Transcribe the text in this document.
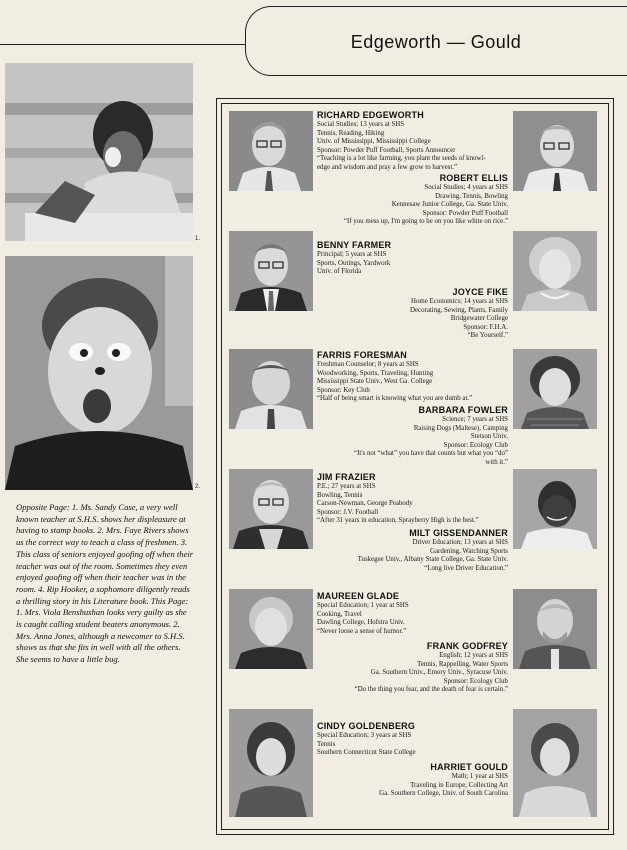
Edgeworth — Gould
1.
2.
Opposite Page: 1. Ms. Sandy Case, a very well known teacher at S.H.S. shows her displeasure at having to stamp books. 2. Mrs. Faye Rivers shows us the correct way to teach a class of freshmen. 3. This class of seniors enjoyed goofing off when their teacher was out of the room. Sometimes they even enjoyed goofing off when their teacher was in the room. 4. Rip Hooker, a sophomore diligently reads a thrilling story in his Literature book. This Page: 1. Mrs. Viola Benshushan looks very guilty as she is caught calling student beaters anonymous. 2. Mrs. Anna Jones, although a newcomer to S.H.S. shows us that she fits in well with all the others. She seems to have a little bug.
RICHARD EDGEWORTH
Social Studies; 13 years at SHS
Tennis, Reading, Hiking
Univ. of Mississippi, Mississippi College
Sponsor: Powder Puff Football, Sports Announcer
“Teaching is a lot like farming, you plant the seeds of knowl-
edge and wisdom and pray a few grow to harvest.”
ROBERT ELLIS
Social Studies; 4 years at SHS
Drawing, Tennis, Bowling
Kennesaw Junior College, Ga. State Univ.
Sponsor: Powder Puff Football
“If you mess up, I'm going to be on you like white on rice.”
BENNY FARMER
Principal; 5 years at SHS
Sports, Outings, Yardwork
Univ. of Florida
JOYCE FIKE
Home Economics; 14 years at SHS
Decorating, Sewing, Plants, Family
Bridgewater College
Sponsor: F.H.A.
“Be Yourself.”
FARRIS FORESMAN
Freshman Counselor; 8 years at SHS
Woodworking, Sports, Traveling, Hunting
Mississippi State Univ., West Ga. College
Sponsor: Key Club
“Half of being smart is knowing what you are dumb at.”
BARBARA FOWLER
Science; 7 years at SHS
Raising Dogs (Maltese), Camping
Stetson Univ.
Sponsor: Ecology Club
“It's not “what” you have that counts but what you “do”
with it.”
JIM FRAZIER
P.E.; 27 years at SHS
Bowling, Tennis
Carson-Newman, George Peabody
Sponsor: J.V. Football
“After 31 years in education, Sprayberry High is the best.”
MILT GISSENDANNER
Driver Education; 13 years at SHS
Gardening, Watching Sports
Tuskegee Univ., Albany State College, Ga. State Univ.
“Long live Driver Education.”
MAUREEN GLADE
Special Education; 1 year at SHS
Cooking, Travel
Dawling College, Hofstra Univ.
“Never loose a sense of humor.”
FRANK GODFREY
English; 12 years at SHS
Tennis, Rappelling, Water Sports
Ga. Southern Univ., Emory Univ., Syracuse Univ.
Sponsor: Ecology Club
“Do the thing you fear, and the death of fear is certain.”
CINDY GOLDENBERG
Special Education; 3 years at SHS
Tennis
Southern Connecticut State College
HARRIET GOULD
Math; 1 year at SHS
Traveling in Europe, Collecting Art
Ga. Southern College, Univ. of South Carolina
